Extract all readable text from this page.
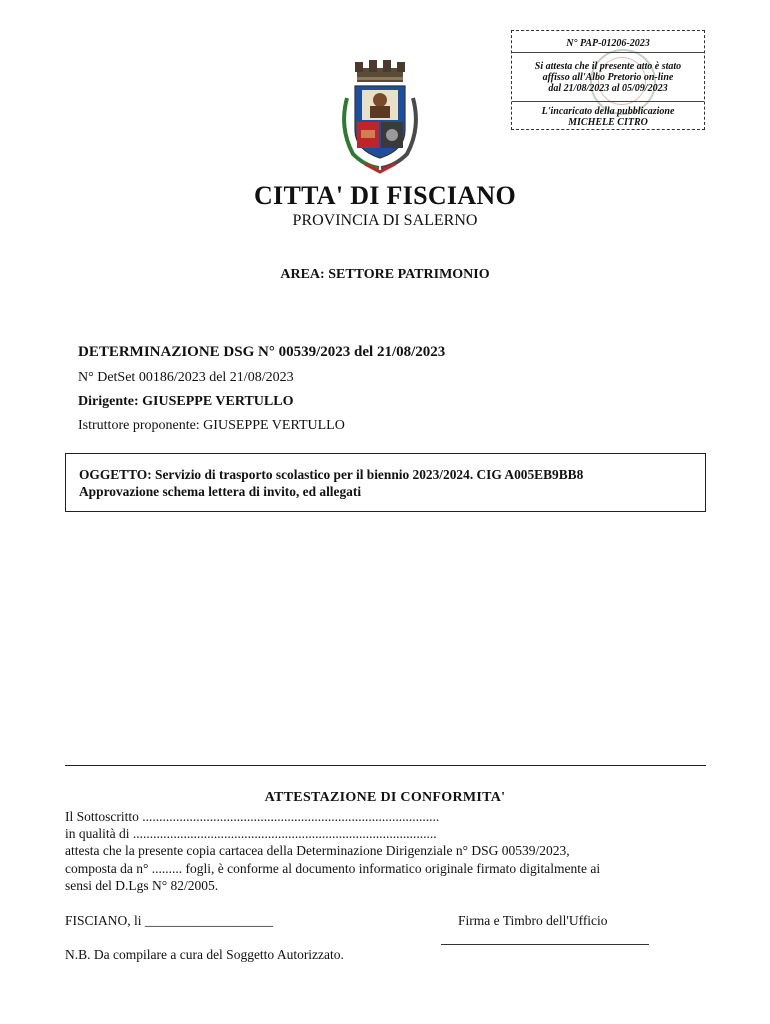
N° PAP-01206-2023
Si attesta che il presente atto è stato
affisso all'Albo Pretorio on-line
dal 21/08/2023 al 05/09/2023
L'incaricato della pubblicazione
MICHELE CITRO
CITTA' DI FISCIANO
PROVINCIA DI SALERNO
AREA: SETTORE PATRIMONIO
DETERMINAZIONE DSG N° 00539/2023 del 21/08/2023
N° DetSet 00186/2023 del 21/08/2023
Dirigente: GIUSEPPE VERTULLO
Istruttore proponente: GIUSEPPE VERTULLO
OGGETTO: Servizio di trasporto scolastico per il biennio 2023/2024. CIG A005EB9BB8
Approvazione schema lettera di invito, ed allegati
ATTESTAZIONE DI CONFORMITA'
Il Sottoscritto ........................................................................................
in qualità di ..........................................................................................
attesta che la presente copia cartacea della Determinazione Dirigenziale n° DSG 00539/2023,
composta da n° ......... fogli, è conforme al documento informatico originale firmato digitalmente ai
sensi del D.Lgs N° 82/2005.
FISCIANO, li ___________________	Firma e Timbro dell'Ufficio
N.B. Da compilare a cura del Soggetto Autorizzato.
